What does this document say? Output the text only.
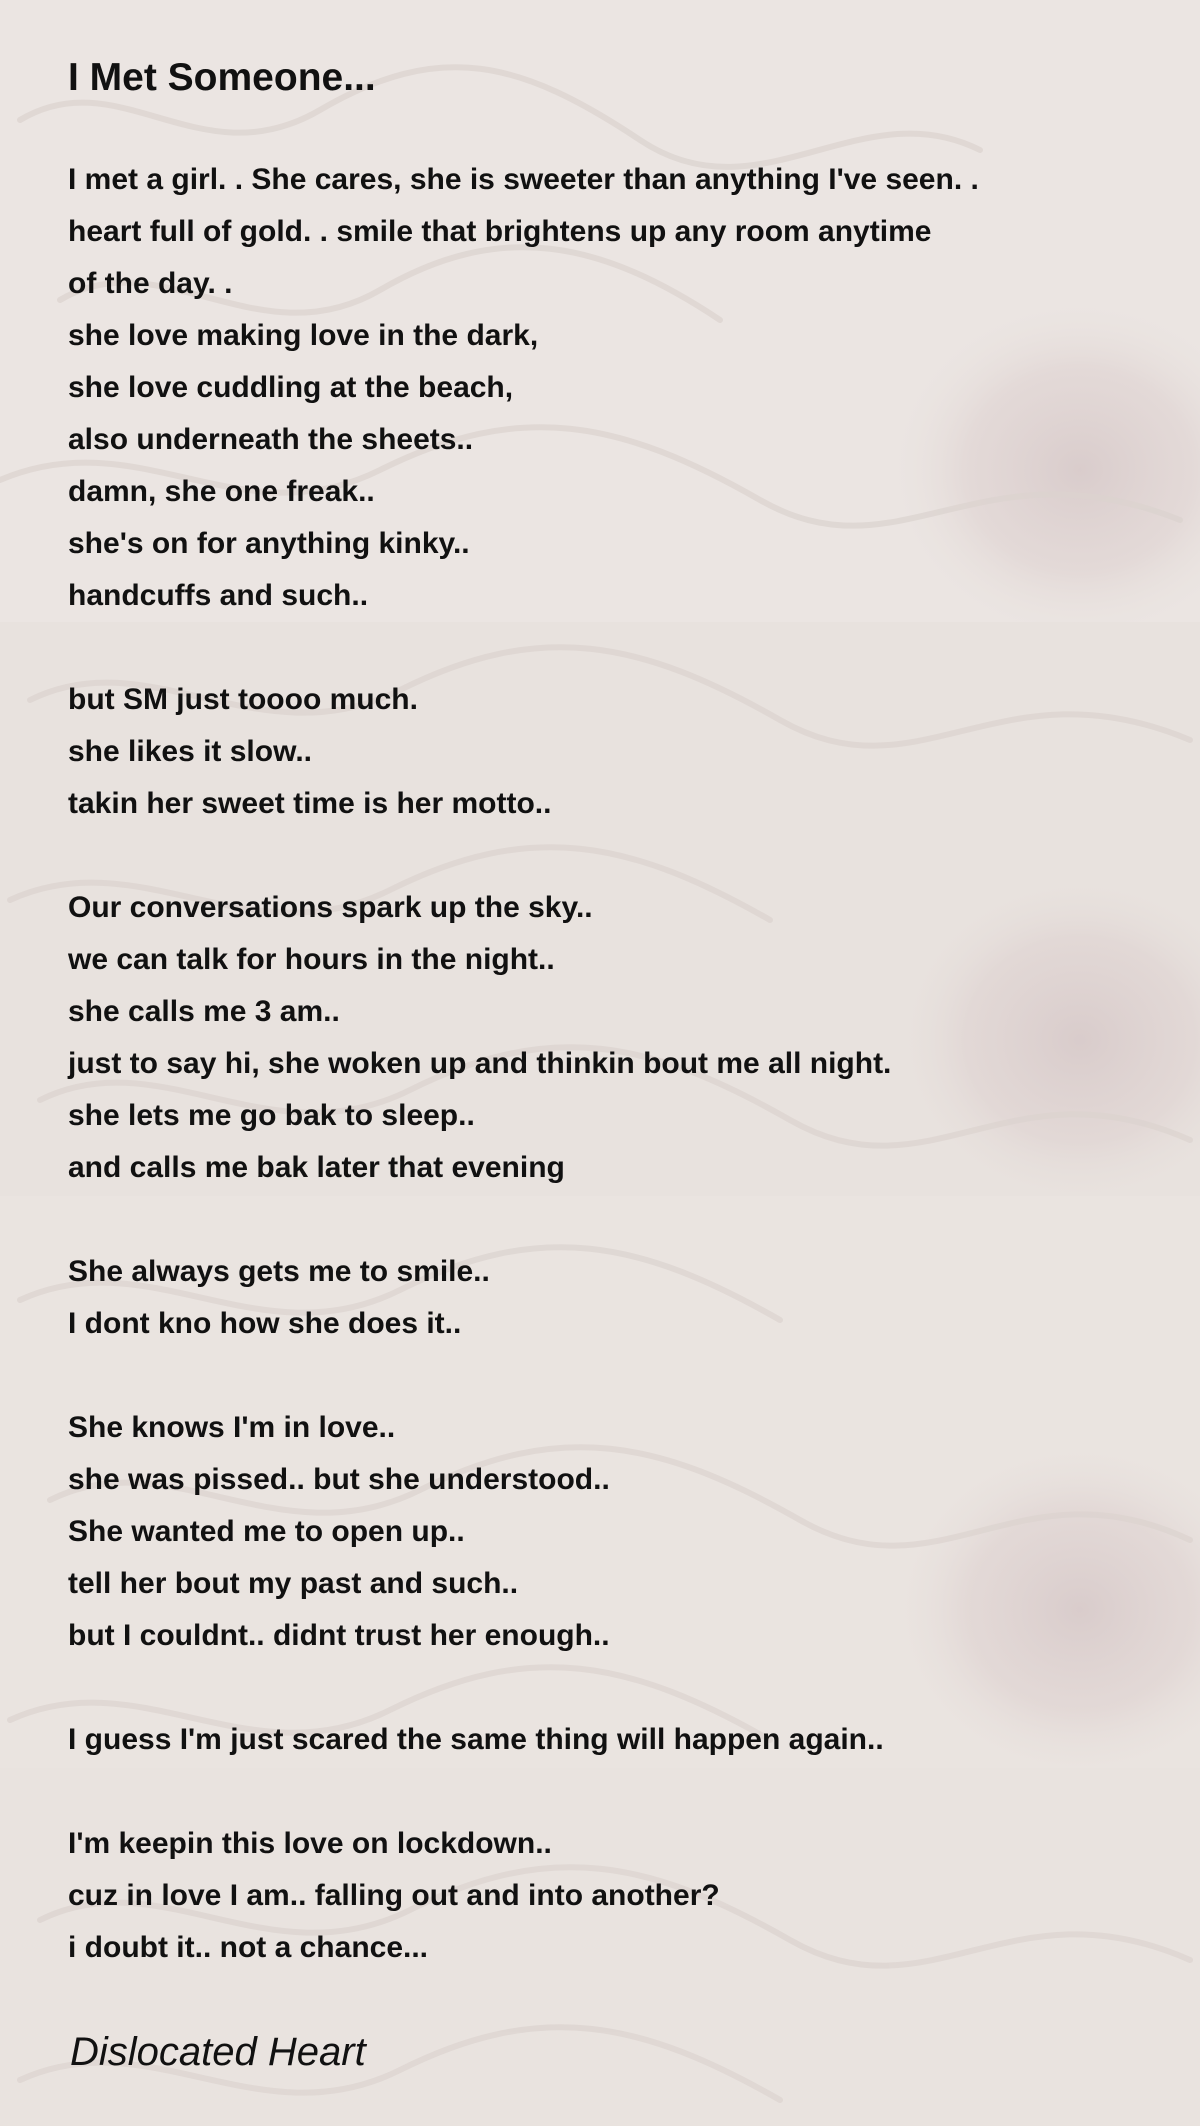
I Met Someone...
I met a girl. . She cares, she is sweeter than anything I've seen. .
heart full of gold. . smile that brightens up any room anytime
of the day. .
she love making love in the dark,
she love cuddling at the beach,
also underneath the sheets..
damn, she one freak..
she's on for anything kinky..
handcuffs and such..
but SM just toooo much.
she likes it slow..
takin her sweet time is her motto..
Our conversations spark up the sky..
we can talk for hours in the night..
she calls me 3 am..
just to say hi, she woken up and thinkin bout me all night.
she lets me go bak to sleep..
and calls me bak later that evening
She always gets me to smile..
I dont kno how she does it..
She knows I'm in love..
she was pissed.. but she understood..
She wanted me to open up..
tell her bout my past and such..
but I couldnt.. didnt trust her enough..
I guess I'm just scared the same thing will happen again..
I'm keepin this love on lockdown..
cuz in love I am.. falling out and into another?
i doubt it.. not a chance...
Dislocated Heart
